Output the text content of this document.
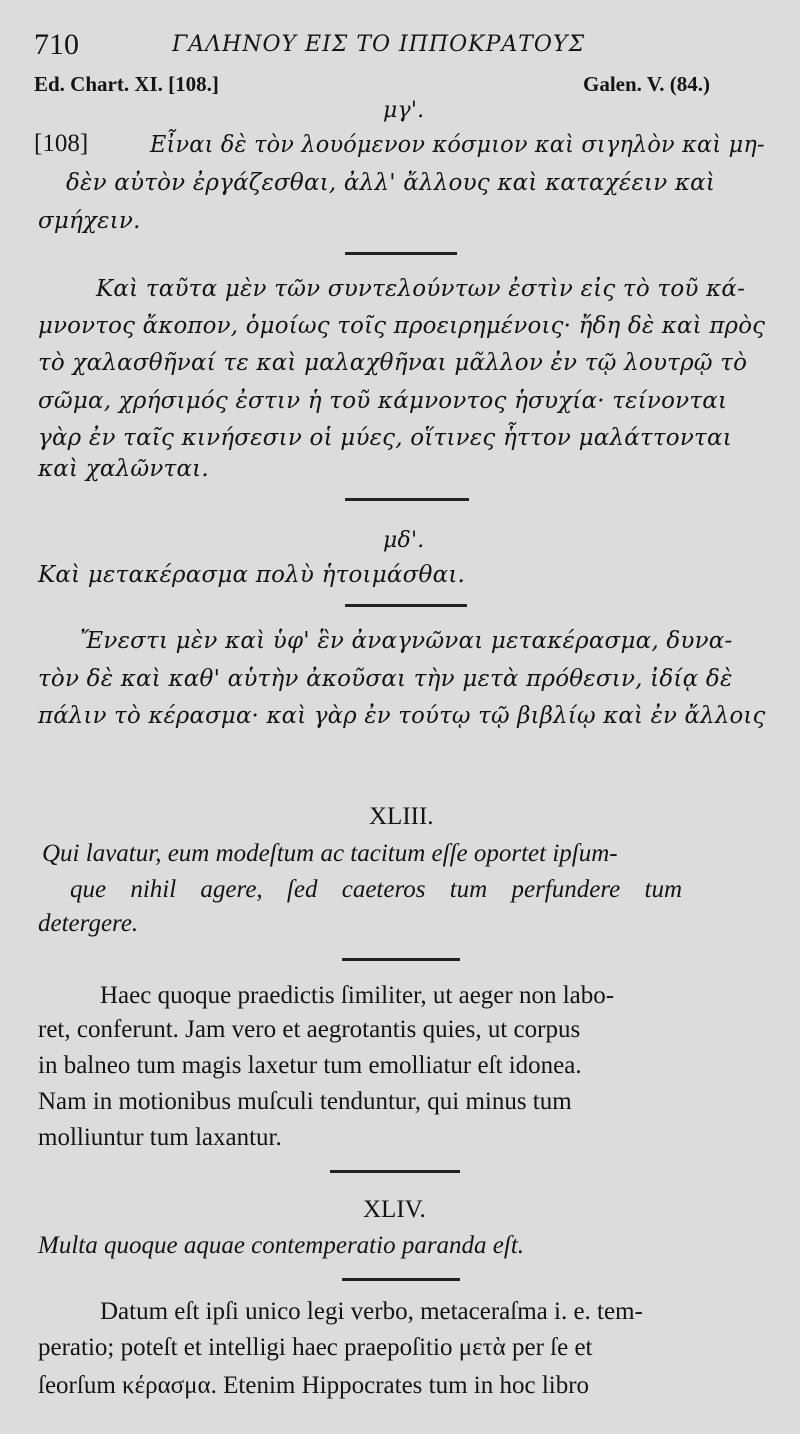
710	ΓΑΛΗΝΟΥ ΕΙΣ ΤΟ ΙΠΠΟΚΡΑΤΟΥΣ
Ed. Chart. XI. [108.]	Galen. V. (84.)
μγ'.
[108]	Εἶναι δὲ τὸν λουόμενον κόσμιον καὶ σιγηλὸν καὶ μη-
δὲν αὐτὸν ἐργάζεσθαι, ἀλλ' ἄλλους καὶ καταχέειν καὶ
σμήχειν.
Καὶ ταῦτα μὲν τῶν συντελούντων ἐστὶν εἰς τὸ τοῦ κά-
μνοντος ἄκοπον, ὁμοίως τοῖς προειρημένοις· ἤδη δὲ καὶ πρὸς
τὸ χαλασθῆναί τε καὶ μαλαχθῆναι μᾶλλον ἐν τῷ λουτρῷ τὸ
σῶμα, χρήσιμός ἐστιν ἡ τοῦ κάμνοντος ἡσυχία· τείνονται
γὰρ ἐν ταῖς κινήσεσιν οἱ μύες, οἵτινες ἧττον μαλάττονται
καὶ χαλῶνται.
μδ'.
Καὶ μετακέρασμα πολὺ ἡτοιμάσθαι.
Ἔνεστι μὲν καὶ ὑφ' ἓν ἀναγνῶναι μετακέρασμα, δυνα-
τὸν δὲ καὶ καθ' αὑτὴν ἀκοῦσαι τὴν μετὰ πρόθεσιν, ἰδίᾳ δὲ
πάλιν τὸ κέρασμα· καὶ γὰρ ἐν τούτῳ τῷ βιβλίῳ καὶ ἐν ἄλλοις
XLIII.
Qui lavatur, eum modeſtum ac tacitum eſſe oportet ipſum-
que nihil agere, ſed caeteros tum perfundere tum
detergere.
Haec quoque praedictis ſimiliter, ut aeger non labo-
ret, conferunt. Jam vero et aegrotantis quies, ut corpus
in balneo tum magis laxetur tum emolliatur eſt idonea.
Nam in motionibus muſculi tenduntur, qui minus tum
molliuntur tum laxantur.
XLIV.
Multa quoque aquae contemperatio paranda eſt.
Datum eſt ipſi unico legi verbo, metaceraſma i. e. tem-
peratio; poteſt et intelligi haec praepoſitio μετὰ per ſe et
ſeorſum κέρασμα. Etenim Hippocrates tum in hoc libro
